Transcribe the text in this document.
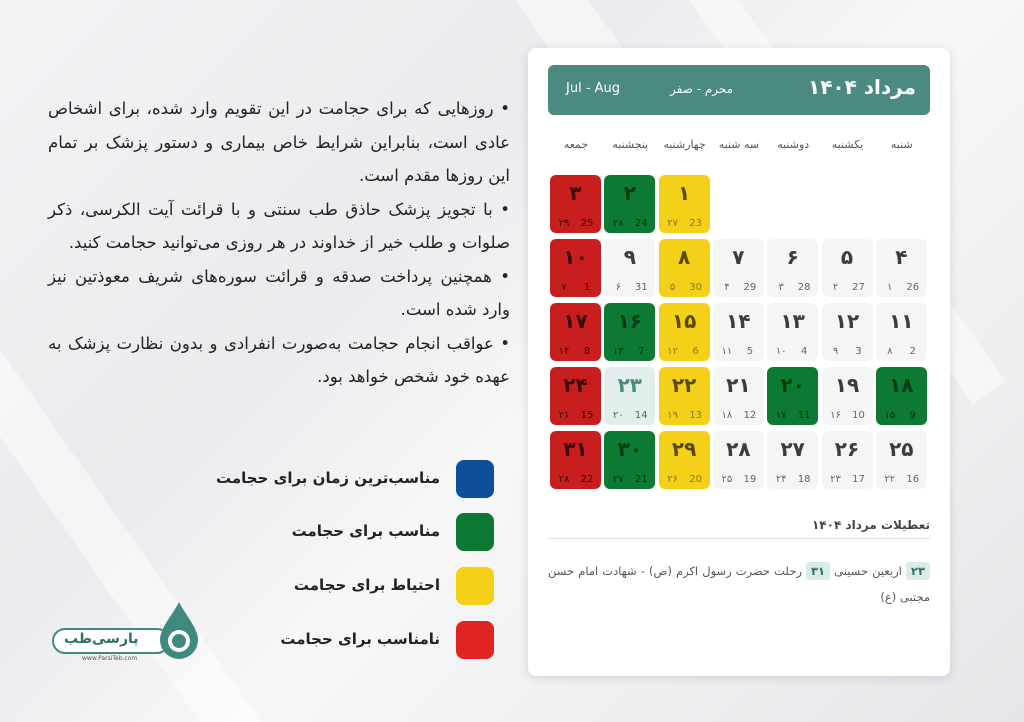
• روزهایی که برای حجامت در این تقویم وارد شده، برای اشخاص عادی است، بنابراین شرایط خاص بیماری و دستور پزشک بر تمام این روزها مقدم است.

• با تجویز پزشک حاذق طب سنتی و با قرائت آیت الکرسی، ذکر صلوات و طلب خیر از خداوند در هر روزی می‌توانید حجامت کنید.

• همچنین پرداخت صدقه و قرائت سوره‌های شریف معوذتین نیز وارد شده است.

• عواقب انجام حجامت به‌صورت انفرادی و بدون نظارت پزشک به عهده خود شخص خواهد بود.

مناسب‌ترین زمان برای حجامت
مناسب برای حجامت
احتیاط برای حجامت
نامناسب برای حجامت
پارسی‌طب
www.ParsiTeb.com
مرداد ۱۴۰۴
محرم - صفر
Jul - Aug
شنبه
یکشنبه
دوشنبه
سه شنبه
چهارشنبه
پنجشنبه
جمعه
۱
23
۲۷
۲
24
۲۸
۳
25
۲۹
۴
26
۱
۵
27
۲
۶
28
۳
۷
29
۴
۸
30
۵
۹
31
۶
۱۰
1
۷
۱۱
2
۸
۱۲
3
۹
۱۳
4
۱۰
۱۴
5
۱۱
۱۵
6
۱۲
۱۶
7
۱۳
۱۷
8
۱۴
۱۸
9
۱۵
۱۹
10
۱۶
۲۰
11
۱۷
۲۱
12
۱۸
۲۲
13
۱۹
۲۳
14
۲۰
۲۴
15
۲۱
۲۵
16
۲۲
۲۶
17
۲۳
۲۷
18
۲۴
۲۸
19
۲۵
۲۹
20
۲۶
۳۰
21
۲۷
۳۱
22
۲۸
تعطیلات مرداد ۱۴۰۴
۲۳ اربعین حسینی ۳۱ رحلت حضرت رسول اکرم (ص) - شهادت امام حسن مجتبی (ع)
